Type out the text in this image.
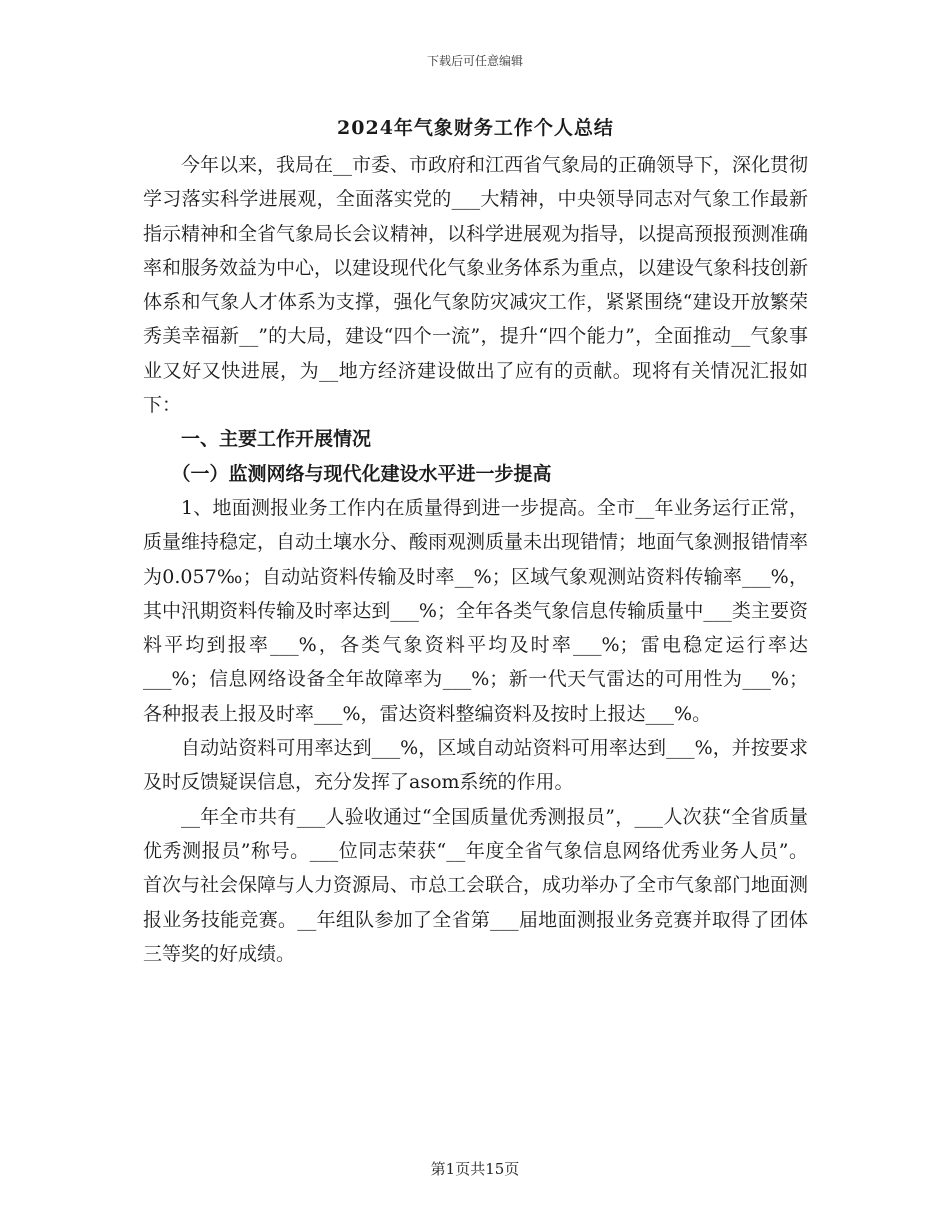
下载后可任意编辑
2024年气象财务工作个人总结

今年以来，我局在__市委、市政府和江西省气象局的正确领导下，深化贯彻学习落实科学进展观，全面落实党的___大精神，中央领导同志对气象工作最新指示精神和全省气象局长会议精神，以科学进展观为指导，以提高预报预测准确率和服务效益为中心，以建设现代化气象业务体系为重点，以建设气象科技创新体系和气象人才体系为支撑，强化气象防灾减灾工作，紧紧围绕“建设开放繁荣秀美幸福新__”的大局，建设“四个一流”，提升“四个能力”，全面推动__气象事业又好又快进展，为__地方经济建设做出了应有的贡献。现将有关情况汇报如下：

一、主要工作开展情况

（一）监测网络与现代化建设水平进一步提高

1、地面测报业务工作内在质量得到进一步提高。全市__年业务运行正常，质量维持稳定，自动土壤水分、酸雨观测质量未出现错情；地面气象测报错情率为0.057‰；自动站资料传输及时率__%；区域气象观测站资料传输率___%，其中汛期资料传输及时率达到___%；全年各类气象信息传输质量中___类主要资料平均到报率___%，各类气象资料平均及时率___%；雷电稳定运行率达___%；信息网络设备全年故障率为___%；新一代天气雷达的可用性为___%；各种报表上报及时率___%，雷达资料整编资料及按时上报达___%。

自动站资料可用率达到___%，区域自动站资料可用率达到___%，并按要求及时反馈疑误信息，充分发挥了asom系统的作用。

__年全市共有___人验收通过“全国质量优秀测报员”，___人次获“全省质量优秀测报员”称号。___位同志荣获“__年度全省气象信息网络优秀业务人员”。首次与社会保障与人力资源局、市总工会联合，成功举办了全市气象部门地面测报业务技能竞赛。__年组队参加了全省第___届地面测报业务竞赛并取得了团体三等奖的好成绩。

第1页共15页
